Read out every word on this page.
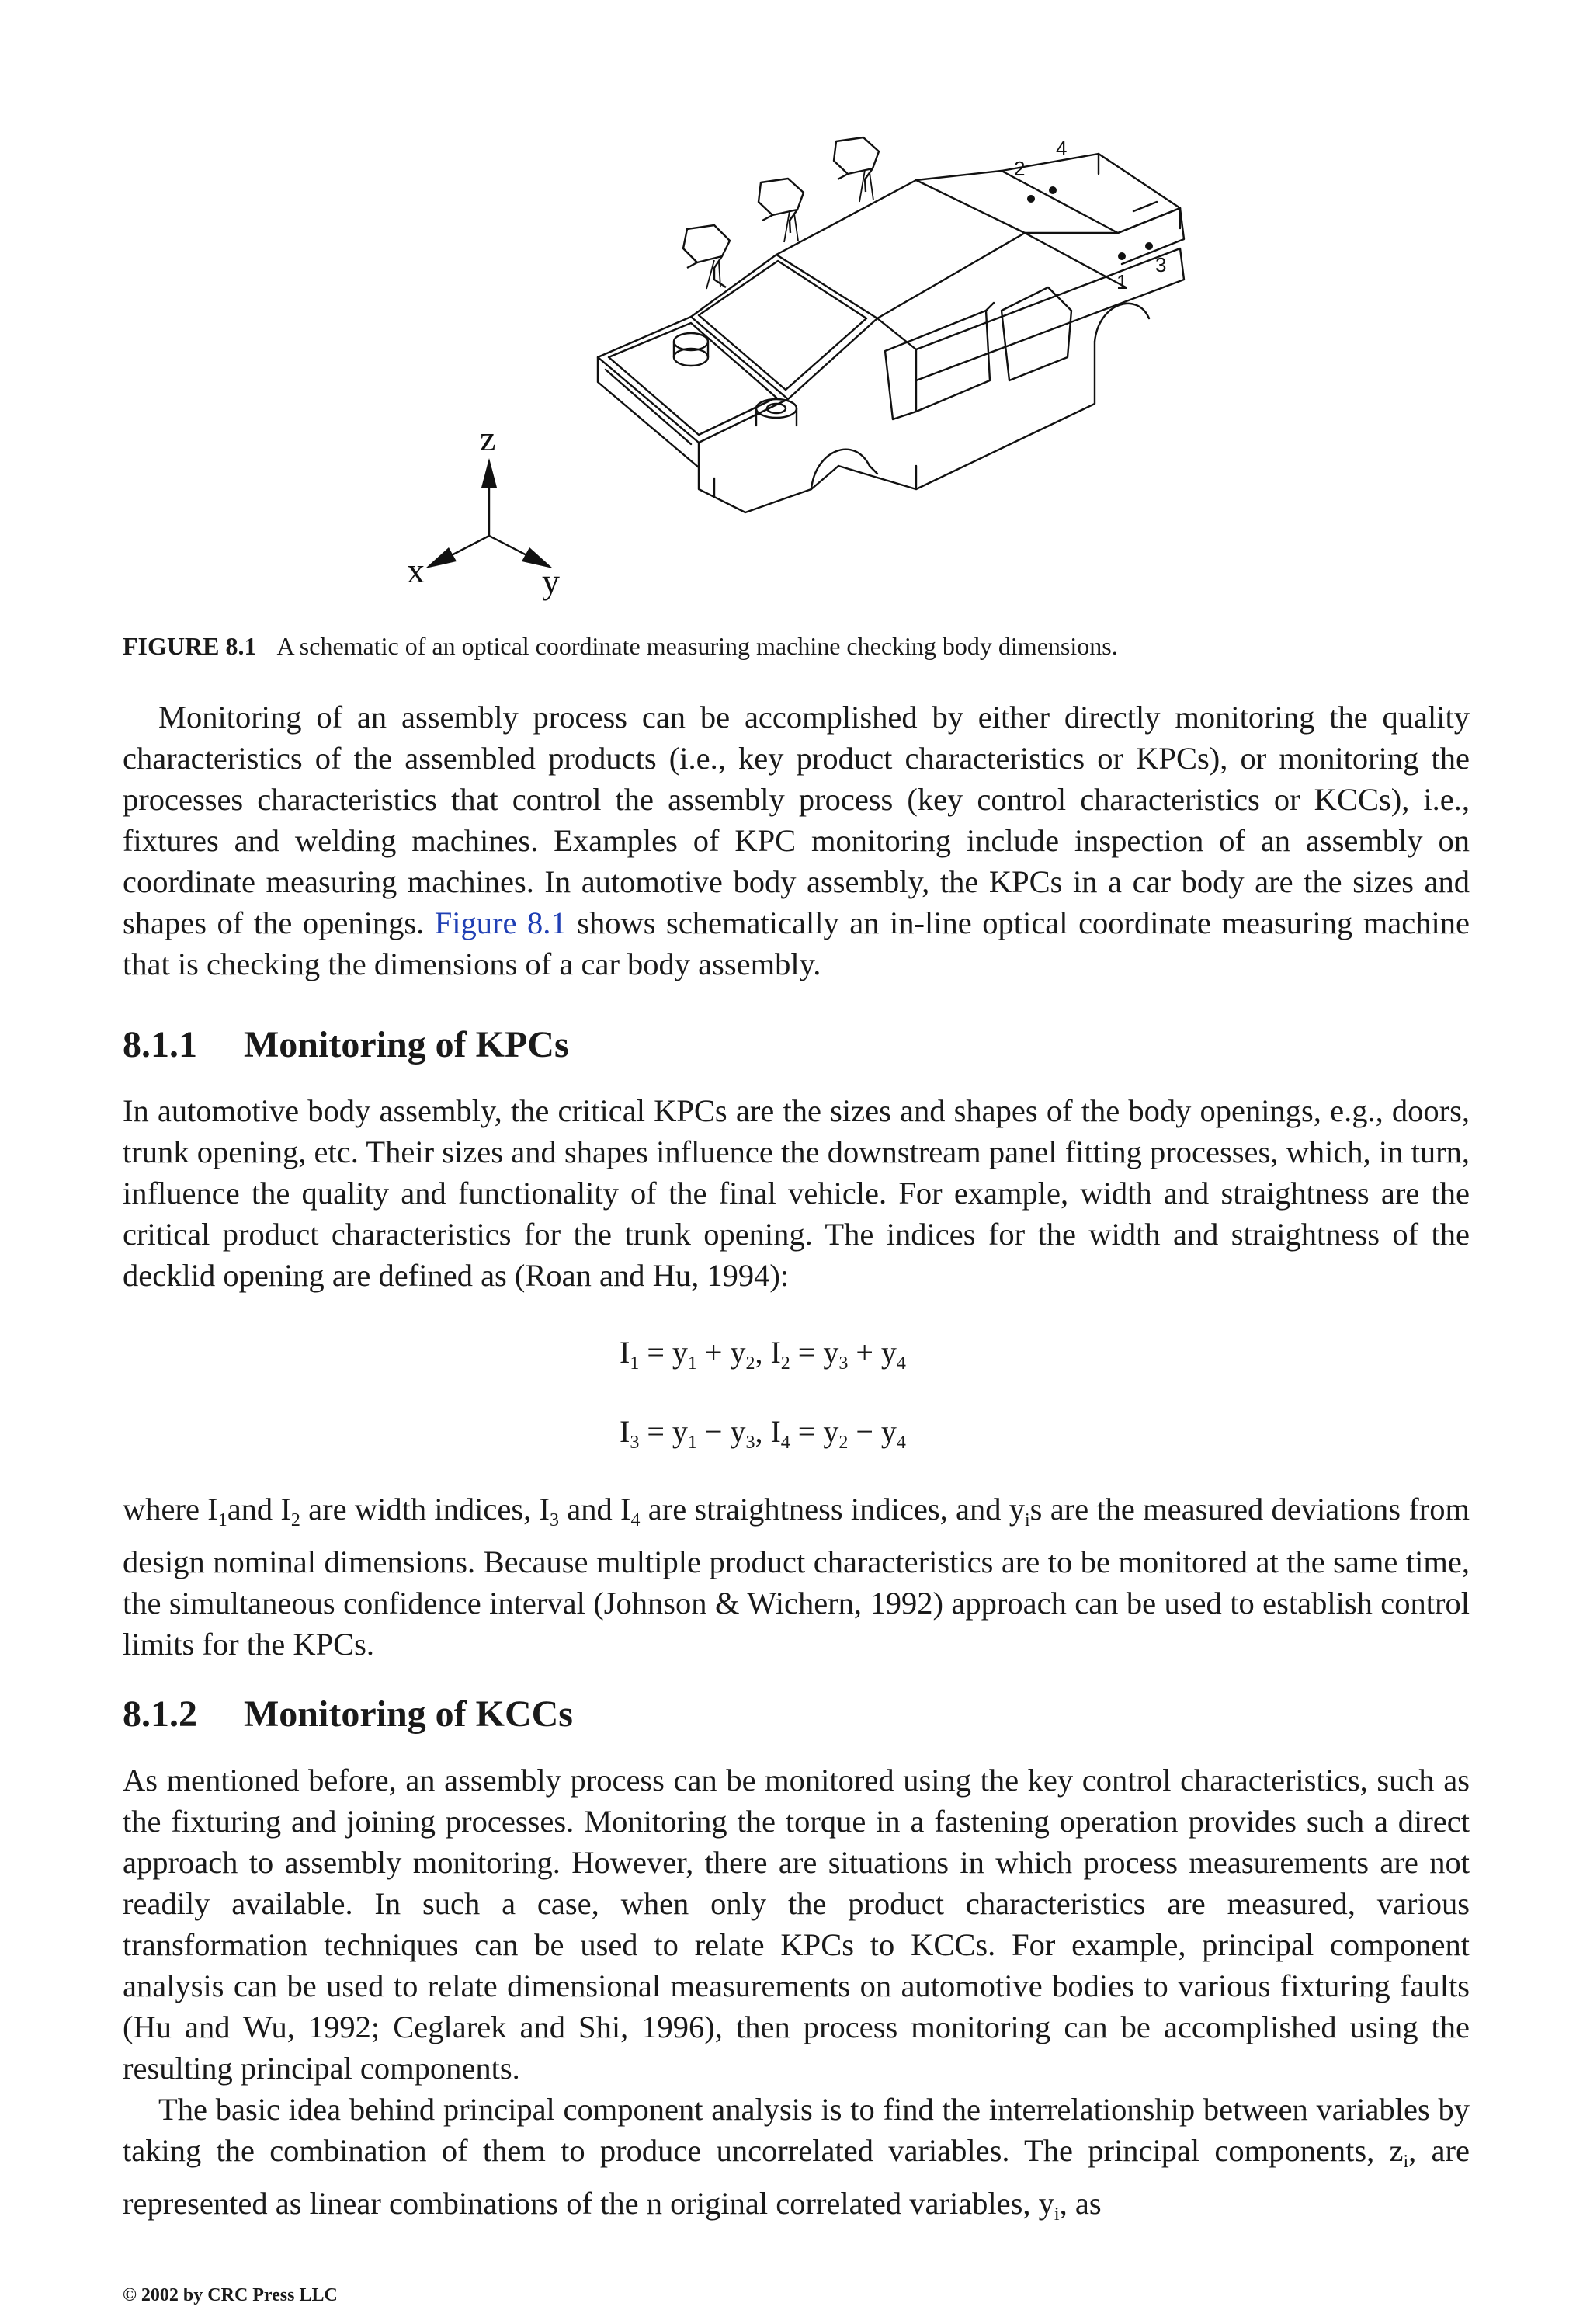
2
4
1
3
z
x	y
FIGURE 8.1 A schematic of an optical coordinate measuring machine checking body dimensions.

Monitoring of an assembly process can be accomplished by either directly monitoring the quality characteristics of the assembled products (i.e., key product characteristics or KPCs), or monitoring the processes characteristics that control the assembly process (key control characteristics or KCCs), i.e., fixtures and welding machines. Examples of KPC monitoring include inspection of an assembly on coordinate measuring machines. In automotive body assembly, the KPCs in a car body are the sizes and shapes of the openings. Figure 8.1 shows schematically an in-line optical coordinate measuring machine that is checking the dimensions of a car body assembly.

8.1.1 Monitoring of KPCs

In automotive body assembly, the critical KPCs are the sizes and shapes of the body openings, e.g., doors, trunk opening, etc. Their sizes and shapes influence the downstream panel fitting processes, which, in turn, influence the quality and functionality of the final vehicle. For example, width and straightness are the critical product characteristics for the trunk opening. The indices for the width and straightness of the decklid opening are defined as (Roan and Hu, 1994):

$I_1 = y_1 + y_2$, $I_2 = y_3 + y_4$

$I_3 = y_1 - y_3$, $I_4 = y_2 - y_4$

where $I_1and$ $I_2$ are width indices, $I_3$ and $I_4$ are straightness indices, and $y_is$ are the measured deviations from design nominal dimensions. Because multiple product characteristics are to be monitored at the same time, the simultaneous confidence interval (Johnson & Wichern, 1992) approach can be used to establish control limits for the KPCs.

8.1.2 Monitoring of KCCs

As mentioned before, an assembly process can be monitored using the key control characteristics, such as the fixturing and joining processes. Monitoring the torque in a fastening operation provides such a direct approach to assembly monitoring. However, there are situations in which process measurements are not readily available. In such a case, when only the product characteristics are measured, various transformation techniques can be used to relate KPCs to KCCs. For example, principal component analysis can be used to relate dimensional measurements on automotive bodies to various fixturing faults (Hu and Wu, 1992; Ceglarek and Shi, 1996), then process monitoring can be accomplished using the resulting principal components.

The basic idea behind principal component analysis is to find the interrelationship between variables by taking the combination of them to produce uncorrelated variables. The principal components, $z_i$, are represented as linear combinations of the n original correlated variables, $y_i$, as

© 2002 by CRC Press LLC
